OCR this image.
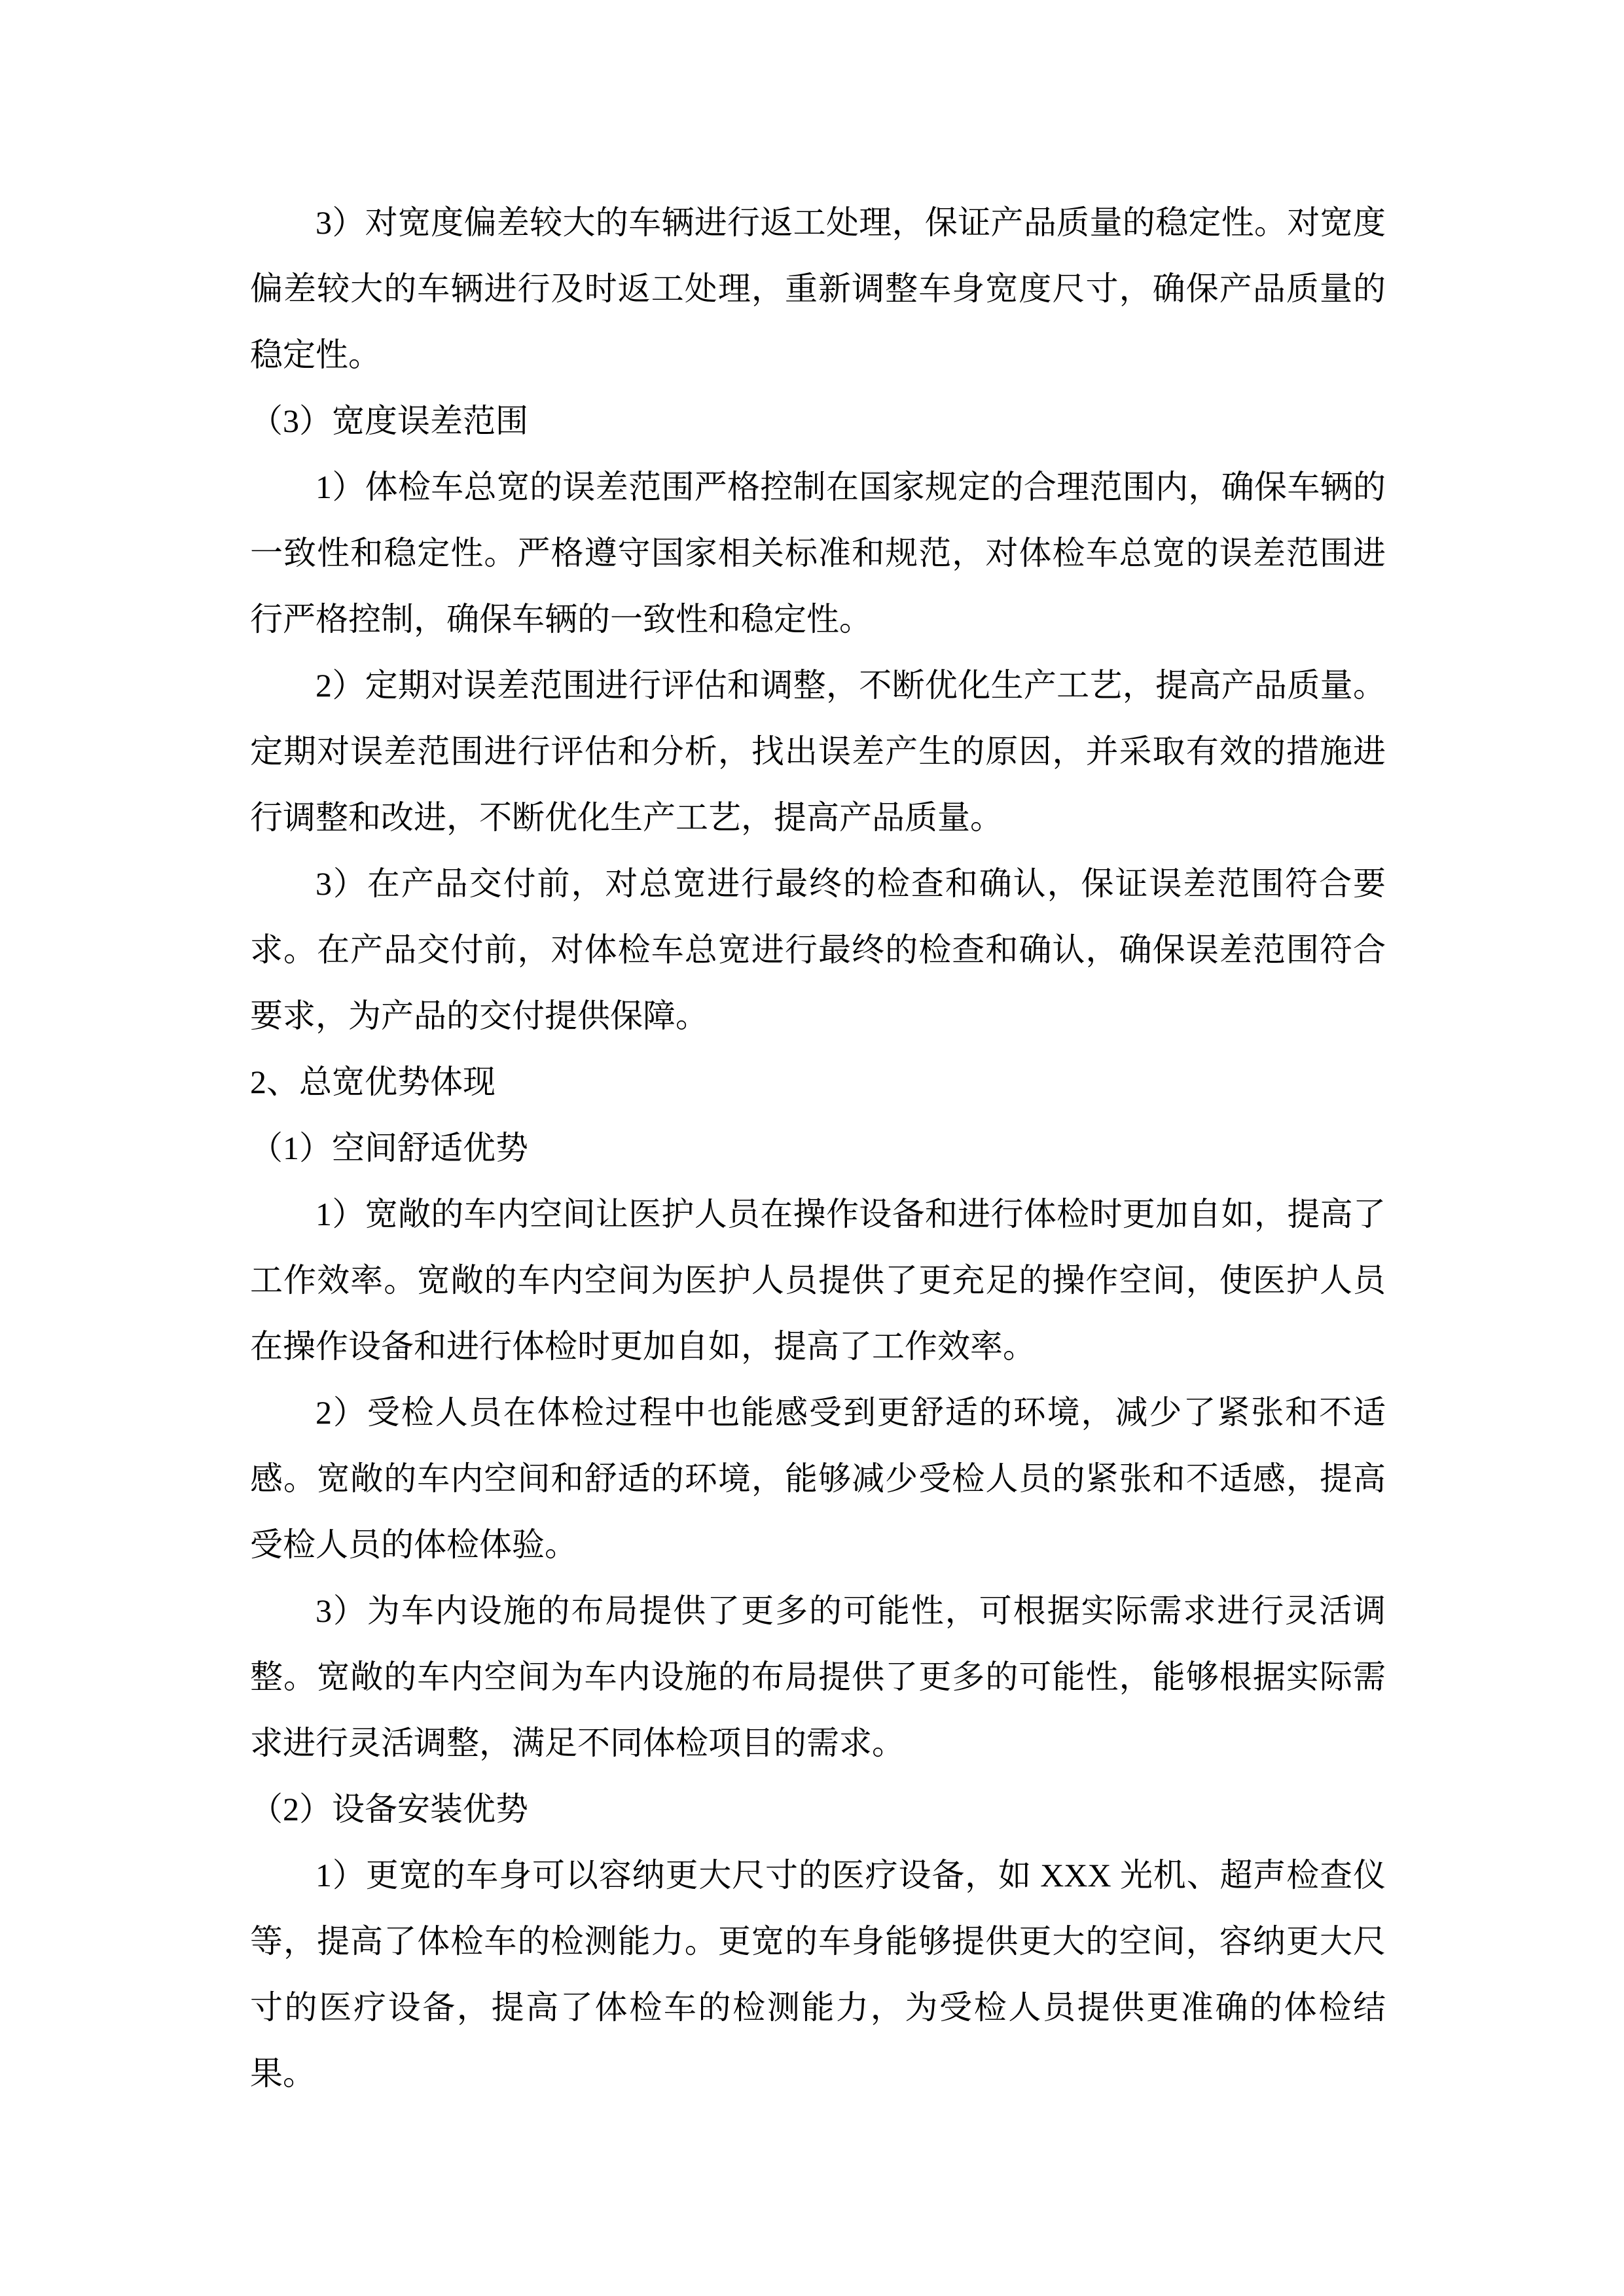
3）对宽度偏差较大的车辆进行返工处理，保证产品质量的稳定性。对宽度偏差较大的车辆进行及时返工处理，重新调整车身宽度尺寸，确保产品质量的稳定性。

（3）宽度误差范围

1）体检车总宽的误差范围严格控制在国家规定的合理范围内，确保车辆的一致性和稳定性。严格遵守国家相关标准和规范，对体检车总宽的误差范围进行严格控制，确保车辆的一致性和稳定性。

2）定期对误差范围进行评估和调整，不断优化生产工艺，提高产品质量。定期对误差范围进行评估和分析，找出误差产生的原因，并采取有效的措施进行调整和改进，不断优化生产工艺，提高产品质量。

3）在产品交付前，对总宽进行最终的检查和确认，保证误差范围符合要求。在产品交付前，对体检车总宽进行最终的检查和确认，确保误差范围符合要求，为产品的交付提供保障。

2、总宽优势体现

（1）空间舒适优势

1）宽敞的车内空间让医护人员在操作设备和进行体检时更加自如，提高了工作效率。宽敞的车内空间为医护人员提供了更充足的操作空间，使医护人员在操作设备和进行体检时更加自如，提高了工作效率。

2）受检人员在体检过程中也能感受到更舒适的环境，减少了紧张和不适感。宽敞的车内空间和舒适的环境，能够减少受检人员的紧张和不适感，提高受检人员的体检体验。

3）为车内设施的布局提供了更多的可能性，可根据实际需求进行灵活调整。宽敞的车内空间为车内设施的布局提供了更多的可能性，能够根据实际需求进行灵活调整，满足不同体检项目的需求。

（2）设备安装优势

1）更宽的车身可以容纳更大尺寸的医疗设备，如 XXX 光机、超声检查仪等，提高了体检车的检测能力。更宽的车身能够提供更大的空间，容纳更大尺寸的医疗设备，提高了体检车的检测能力，为受检人员提供更准确的体检结果。
